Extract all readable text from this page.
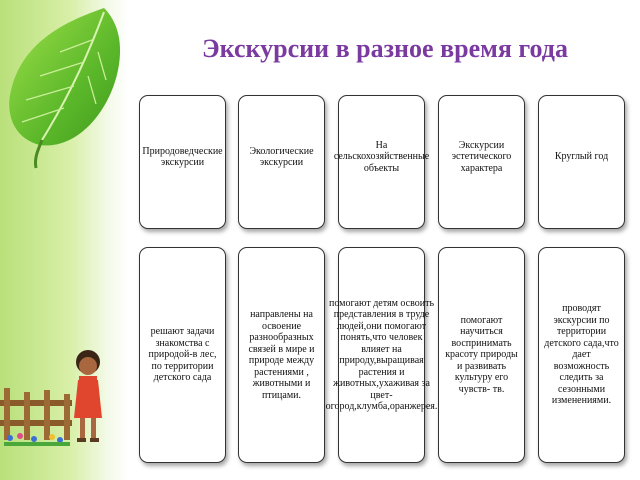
Экскурсии в разное время года
Природоведческие экскурсии
Экологические экскурсии
На сельскохозяйственные объекты
Экскурсии эстетического характера
Круглый год
решают задачи знакомства с природой-в лес, по территории детского сада
направлены на освоение разнообразных связей в мире и природе между растениями , животными и птицами.
помогают детям освоить представления в труде людей,они помогают понять,что человек влияет на природу,выращивая растения и животных,ухаживая за цвет-огород,клумба,оранжерея.
помогают научиться воспринимать красоту природы и развивать культуру его чувств- тв.
проводят экскурсии по территории детского сада,что дает возможность следить за сезонными изменениями.
